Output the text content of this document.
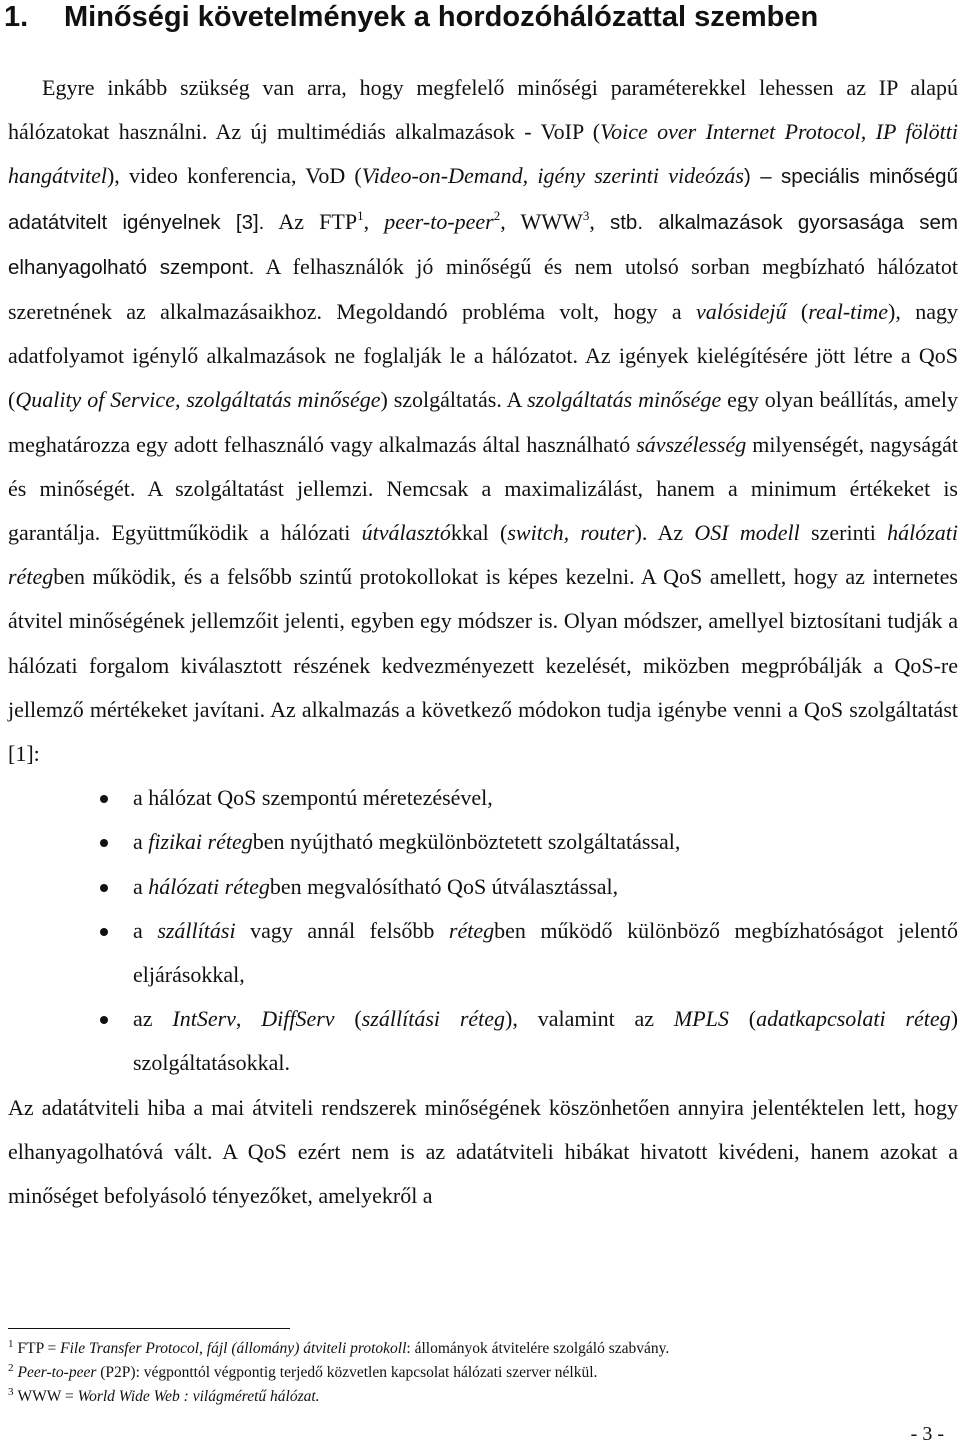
1. Minőségi követelmények a hordozóhálózattal szemben

Egyre inkább szükség van arra, hogy megfelelő minőségi paraméterekkel lehessen az IP alapú hálózatokat használni. Az új multimédiás alkalmazások - VoIP (Voice over Internet Protocol, IP fölötti hangátvitel), video konferencia, VoD (Video-on-Demand, igény szerinti videózás) – speciális minőségű adatátvitelt igényelnek [3]. Az FTP$^1$, peer-to-peer$^2$, WWW$^3$, stb. alkalmazások gyorsasága sem elhanyagolható szempont. A felhasználók jó minőségű és nem utolsó sorban megbízható hálózatot szeretnének az alkalmazásaikhoz. Megoldandó probléma volt, hogy a valósidejű (real-time), nagy adatfolyamot igénylő alkalmazások ne foglalják le a hálózatot. Az igények kielégítésére jött létre a QoS (Quality of Service, szolgáltatás minősége) szolgáltatás. A szolgáltatás minősége egy olyan beállítás, amely meghatározza egy adott felhasználó vagy alkalmazás által használható sávszélesség milyenségét, nagyságát és minőségét. A szolgáltatást jellemzi. Nemcsak a maximalizálást, hanem a minimum értékeket is garantálja. Együttműködik a hálózati útválasztókkal (switch, router). Az OSI modell szerinti hálózati rétegben működik, és a felsőbb szintű protokollokat is képes kezelni. A QoS amellett, hogy az internetes átvitel minőségének jellemzőit jelenti, egyben egy módszer is. Olyan módszer, amellyel biztosítani tudják a hálózati forgalom kiválasztott részének kedvezményezett kezelését, miközben megpróbálják a QoS-re jellemző mértékeket javítani. Az alkalmazás a következő módokon tudja igénybe venni a QoS szolgáltatást [1]:

a hálózat QoS szempontú méretezésével,
a fizikai rétegben nyújtható megkülönböztetett szolgáltatással,
a hálózati rétegben megvalósítható QoS útválasztással,
a szállítási vagy annál felsőbb rétegben működő különböző megbízhatóságot jelentő eljárásokkal,
az IntServ, DiffServ (szállítási réteg), valamint az MPLS (adatkapcsolati réteg) szolgáltatásokkal.

Az adatátviteli hiba a mai átviteli rendszerek minőségének köszönhetően annyira jelentéktelen lett, hogy elhanyagolhatóvá vált. A QoS ezért nem is az adatátviteli hibákat hivatott kivédeni, hanem azokat a minőséget befolyásoló tényezőket, amelyekről a

$^1$ FTP = File Transfer Protocol, fájl (állomány) átviteli protokoll: állományok átvitelére szolgáló szabvány.

$^2$ Peer-to-peer (P2P): végponttól végpontig terjedő közvetlen kapcsolat hálózati szerver nélkül.

$^3$ WWW = World Wide Web : világméretű hálózat.

- 3 -
